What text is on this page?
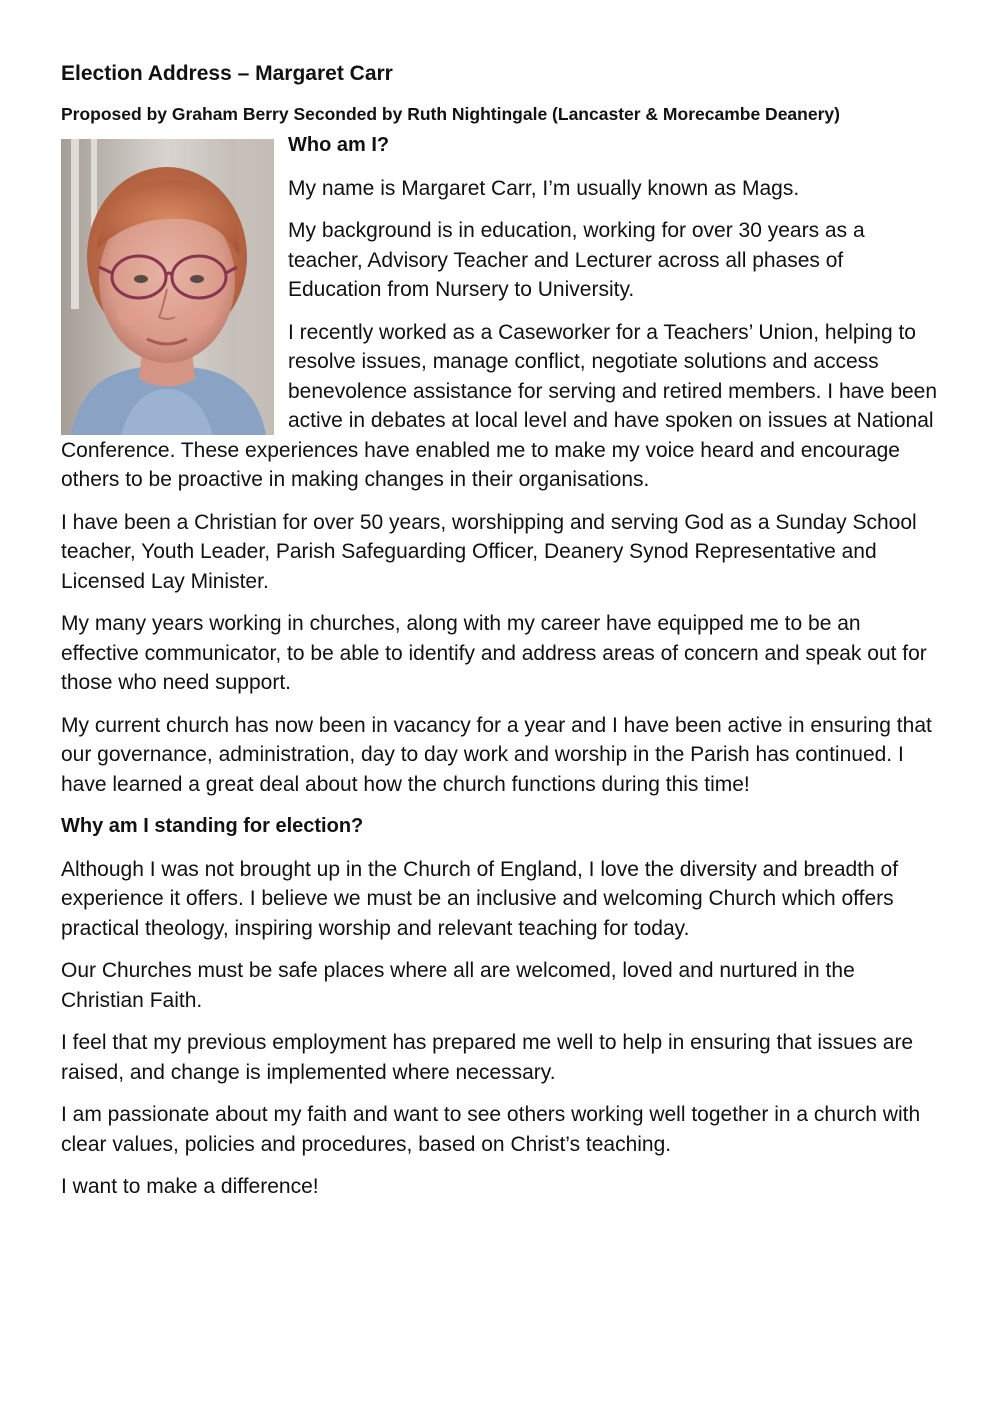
Election Address – Margaret Carr
Proposed by Graham Berry Seconded by Ruth Nightingale (Lancaster & Morecambe Deanery)
Who am I?

My name is Margaret Carr, I’m usually known as Mags.

My background is in education, working for over 30 years as a teacher, Advisory Teacher and Lecturer across all phases of Education from Nursery to University.

I recently worked as a Caseworker for a Teachers’ Union, helping to resolve issues, manage conflict, negotiate solutions and access benevolence assistance for serving and retired members. I have been active in debates at local level and have spoken on issues at National Conference. These experiences have enabled me to make my voice heard and encourage others to be proactive in making changes in their organisations.

I have been a Christian for over 50 years, worshipping and serving God as a Sunday School teacher, Youth Leader, Parish Safeguarding Officer, Deanery Synod Representative and Licensed Lay Minister.

My many years working in churches, along with my career have equipped me to be an effective communicator, to be able to identify and address areas of concern and speak out for those who need support.

My current church has now been in vacancy for a year and I have been active in ensuring that our governance, administration, day to day work and worship in the Parish has continued. I have learned a great deal about how the church functions during this time!

Why am I standing for election?

Although I was not brought up in the Church of England, I love the diversity and breadth of experience it offers. I believe we must be an inclusive and welcoming Church which offers practical theology, inspiring worship and relevant teaching for today.

Our Churches must be safe places where all are welcomed, loved and nurtured in the Christian Faith.

I feel that my previous employment has prepared me well to help in ensuring that issues are raised, and change is implemented where necessary.

I am passionate about my faith and want to see others working well together in a church with clear values, policies and procedures, based on Christ’s teaching.

I want to make a difference!
